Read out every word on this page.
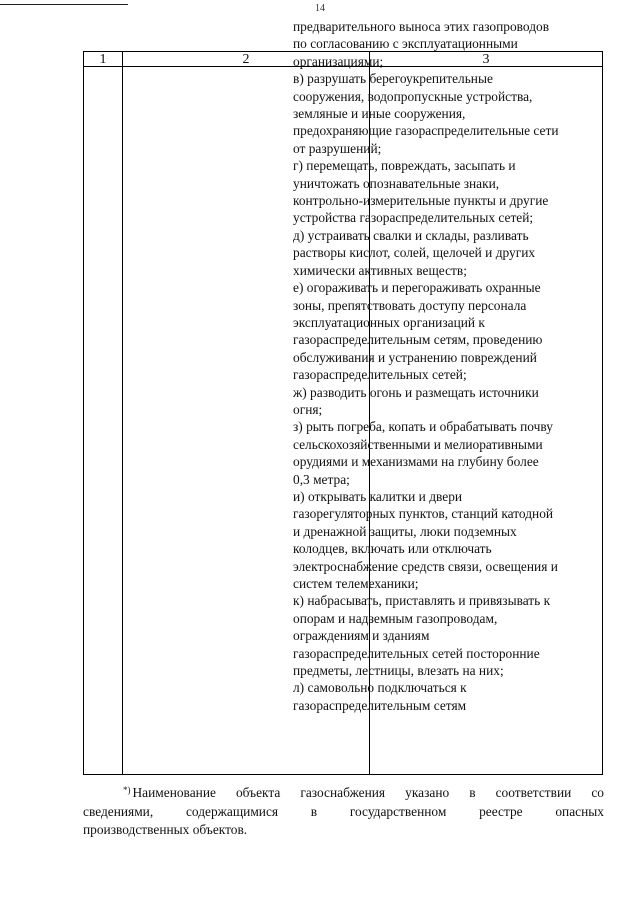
14
1	2	3
предварительного выноса этих газопроводов
по согласованию с эксплуатационными
организациями;
в) разрушать берегоукрепительные
сооружения, водопропускные устройства,
земляные и иные сооружения,
предохраняющие газораспределительные сети
от разрушений;
г) перемещать, повреждать, засыпать и
уничтожать опознавательные знаки,
контрольно-измерительные пункты и другие
устройства газораспределительных сетей;
д) устраивать свалки и склады, разливать
растворы кислот, солей, щелочей и других
химически активных веществ;
е) огораживать и перегораживать охранные
зоны, препятствовать доступу персонала
эксплуатационных организаций к
газораспределительным сетям, проведению
обслуживания и устранению повреждений
газораспределительных сетей;
ж) разводить огонь и размещать источники
огня;
з) рыть погреба, копать и обрабатывать почву
сельскохозяйственными и мелиоративными
орудиями и механизмами на глубину более
0,3 метра;
и) открывать калитки и двери
газорегуляторных пунктов, станций катодной
и дренажной защиты, люки подземных
колодцев, включать или отключать
электроснабжение средств связи, освещения и
систем телемеханики;
к) набрасывать, приставлять и привязывать к
опорам и надземным газопроводам,
ограждениям и зданиям
газораспределительных сетей посторонние
предметы, лестницы, влезать на них;
л) самовольно подключаться к
газораспределительным сетям
*) Наименование объекта газоснабжения указано в соответствии со
сведениями, содержащимися в государственном реестре опасных
производственных объектов.
